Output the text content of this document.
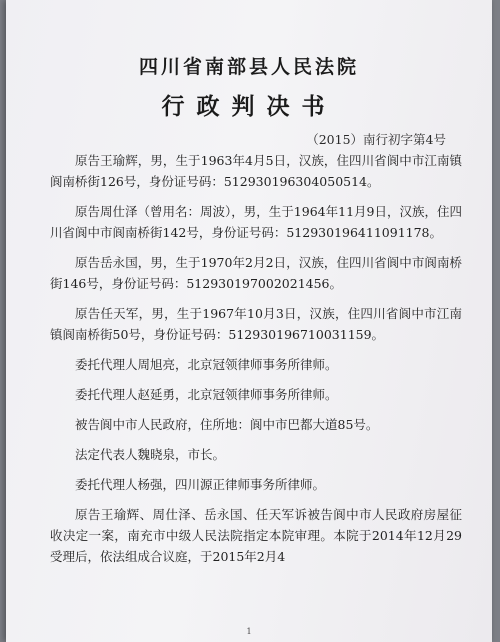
四川省南部县人民法院
行政判决书
（2015）南行初字第4号

原告王瑜辉，男，生于1963年4月5日，汉族，住四川省阆中市江南镇阆南桥街126号，身份证号码：512930196304050514。

原告周仕泽（曾用名：周波），男，生于1964年11月9日，汉族，住四川省阆中市阆南桥街142号，身份证号码：512930196411091178。

原告岳永国，男，生于1970年2月2日，汉族，住四川省阆中市阆南桥街146号，身份证号码：512930197002021456。

原告任天军，男，生于1967年10月3日，汉族，住四川省阆中市江南镇阆南桥街50号，身份证号码：512930196710031159。

委托代理人周旭亮，北京冠领律师事务所律师。

委托代理人赵延勇，北京冠领律师事务所律师。

被告阆中市人民政府，住所地：阆中市巴都大道85号。

法定代表人魏晓泉，市长。

委托代理人杨强，四川源正律师事务所律师。

原告王瑜辉、周仕泽、岳永国、任天军诉被告阆中市人民政府房屋征收决定一案，南充市中级人民法院指定本院审理。本院于2014年12月29受理后，依法组成合议庭，于2015年2月4

1
